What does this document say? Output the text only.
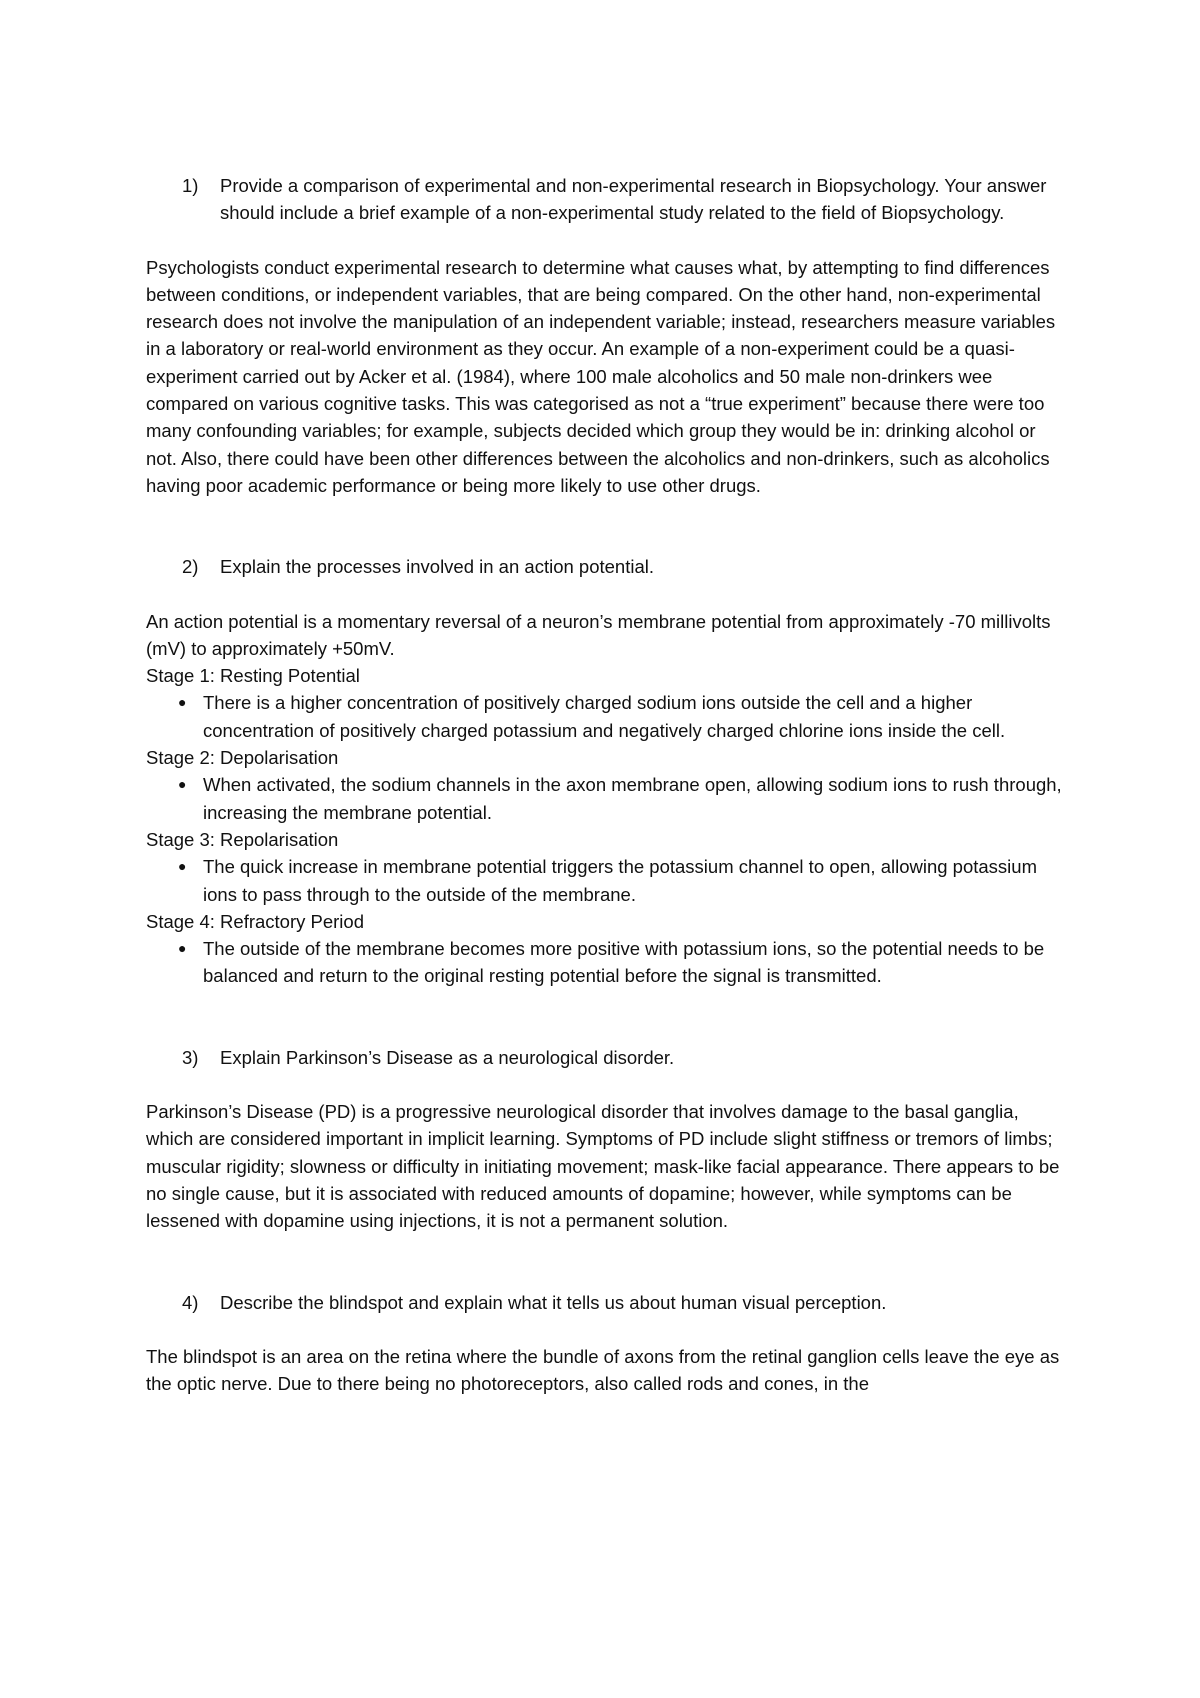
1)	Provide a comparison of experimental and non-experimental research in Biopsychology. Your answer should include a brief example of a non-experimental study related to the field of Biopsychology.

Psychologists conduct experimental research to determine what causes what, by attempting to find differences between conditions, or independent variables, that are being compared. On the other hand, non-experimental research does not involve the manipulation of an independent variable; instead, researchers measure variables in a laboratory or real-world environment as they occur. An example of a non-experiment could be a quasi-experiment carried out by Acker et al. (1984), where 100 male alcoholics and 50 male non-drinkers wee compared on various cognitive tasks. This was categorised as not a “true experiment” because there were too many confounding variables; for example, subjects decided which group they would be in: drinking alcohol or not. Also, there could have been other differences between the alcoholics and non-drinkers, such as alcoholics having poor academic performance or being more likely to use other drugs.

2)	Explain the processes involved in an action potential.

An action potential is a momentary reversal of a neuron’s membrane potential from approximately -70 millivolts (mV) to approximately +50mV.

Stage 1: Resting Potential

● There is a higher concentration of positively charged sodium ions outside the cell and a higher concentration of positively charged potassium and negatively charged chlorine ions inside the cell.

Stage 2: Depolarisation

● When activated, the sodium channels in the axon membrane open, allowing sodium ions to rush through, increasing the membrane potential.

Stage 3: Repolarisation

● The quick increase in membrane potential triggers the potassium channel to open, allowing potassium ions to pass through to the outside of the membrane.

Stage 4: Refractory Period

● The outside of the membrane becomes more positive with potassium ions, so the potential needs to be balanced and return to the original resting potential before the signal is transmitted.
3)	Explain Parkinson’s Disease as a neurological disorder.

Parkinson’s Disease (PD) is a progressive neurological disorder that involves damage to the basal ganglia, which are considered important in implicit learning. Symptoms of PD include slight stiffness or tremors of limbs; muscular rigidity; slowness or difficulty in initiating movement; mask-like facial appearance. There appears to be no single cause, but it is associated with reduced amounts of dopamine; however, while symptoms can be lessened with dopamine using injections, it is not a permanent solution.

4)	Describe the blindspot and explain what it tells us about human visual perception.

The blindspot is an area on the retina where the bundle of axons from the retinal ganglion cells leave the eye as the optic nerve. Due to there being no photoreceptors, also called rods and cones, in the
